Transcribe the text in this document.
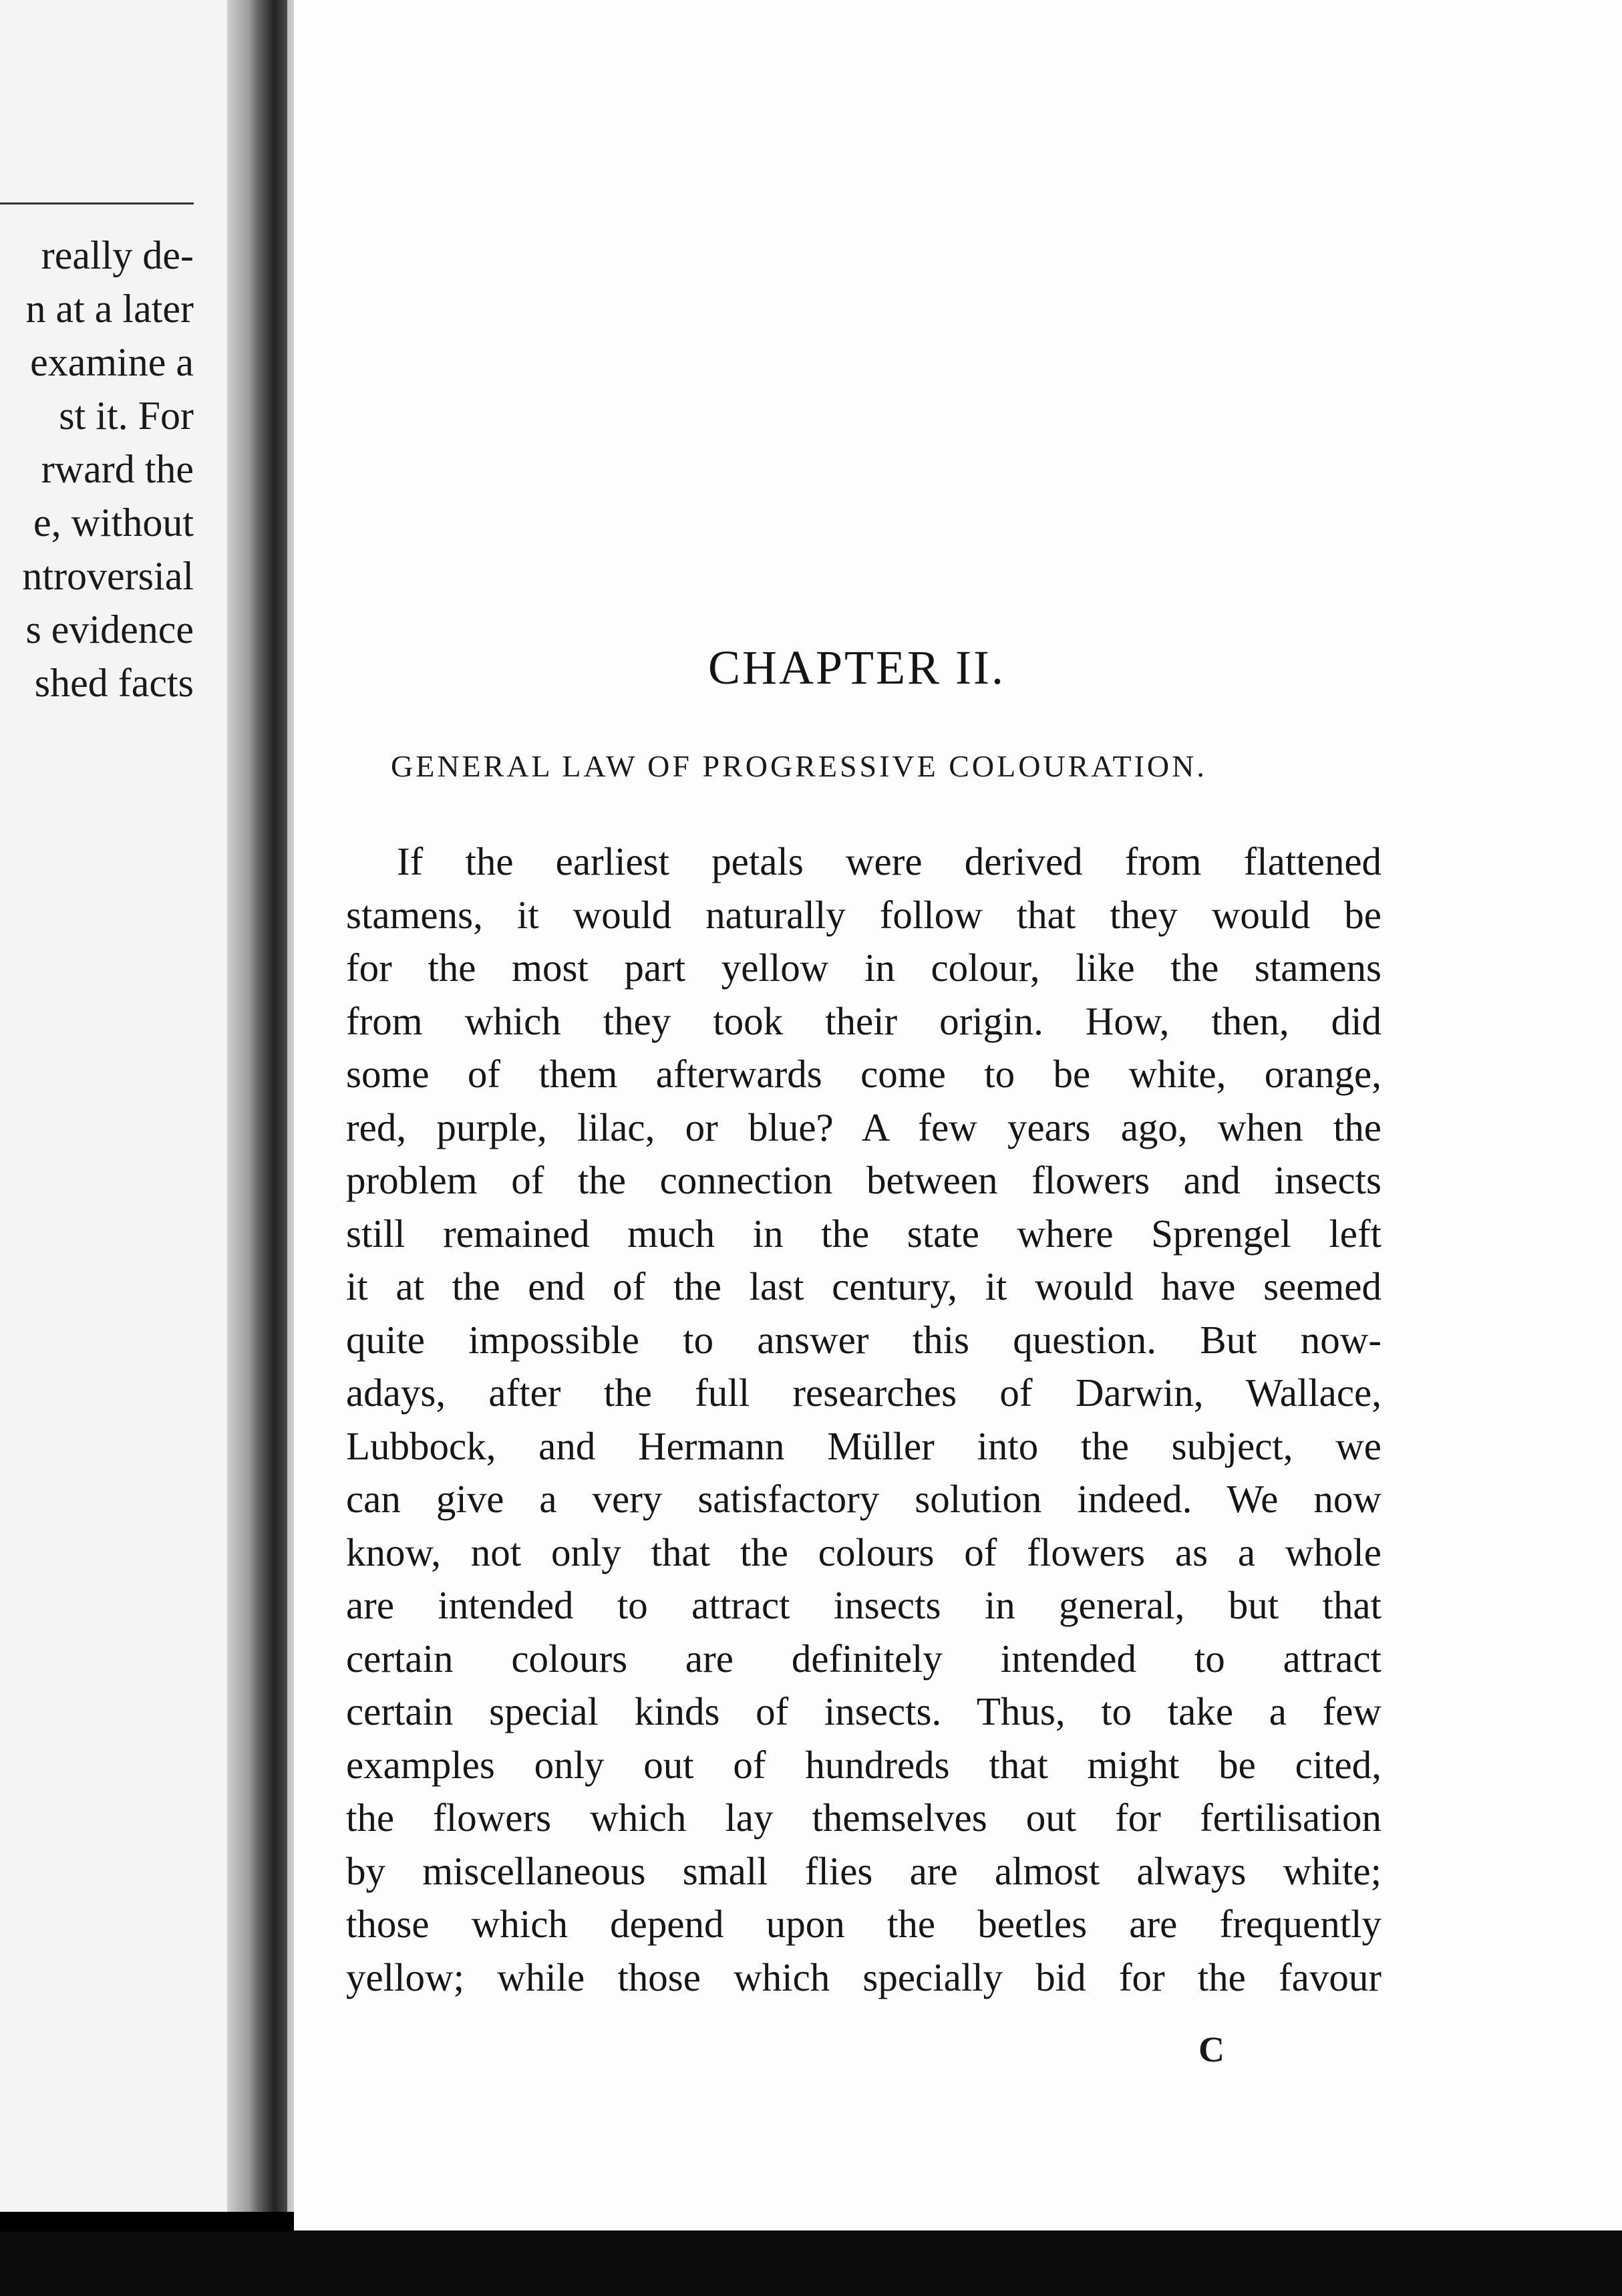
really de-
n at a later
examine a
st it. For
rward the
e, without
ntroversial
s evidence
shed facts	CHAPTER II.
GENERAL LAW OF PROGRESSIVE COLOURATION.
If the earliest petals were derived from flattened
stamens, it would naturally follow that they would be
for the most part yellow in colour, like the stamens
from which they took their origin. How, then, did
some of them afterwards come to be white, orange,
red, purple, lilac, or blue? A few years ago, when the
problem of the connection between flowers and insects
still remained much in the state where Sprengel left
it at the end of the last century, it would have seemed
quite impossible to answer this question. But now-
adays, after the full researches of Darwin, Wallace,
Lubbock, and Hermann Müller into the subject, we
can give a very satisfactory solution indeed. We now
know, not only that the colours of flowers as a whole
are intended to attract insects in general, but that
certain colours are definitely intended to attract
certain special kinds of insects. Thus, to take a few
examples only out of hundreds that might be cited,
the flowers which lay themselves out for fertilisation
by miscellaneous small flies are almost always white;
those which depend upon the beetles are frequently
yellow; while those which specially bid for the favour
C
